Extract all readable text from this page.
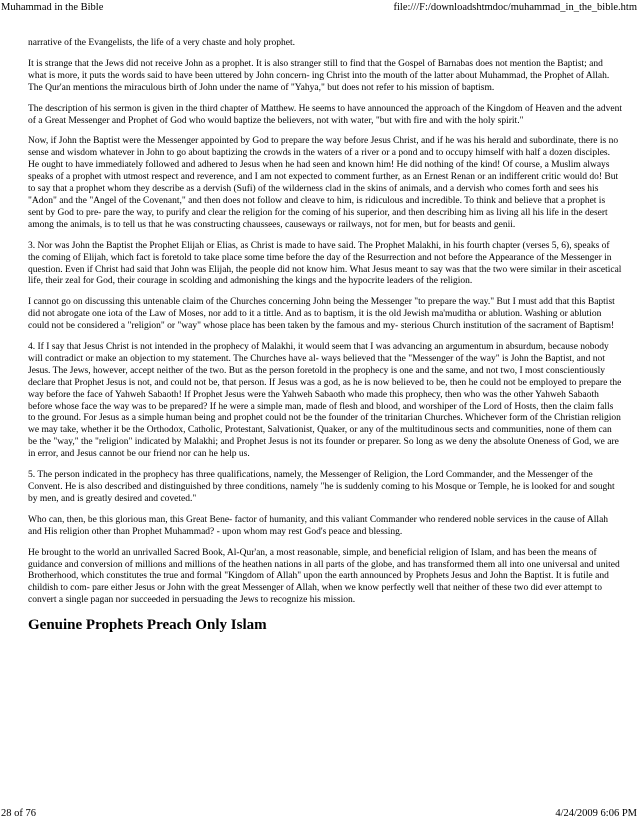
Muhammad in the Bible	file:///F:/downloadshtmdoc/muhammad_in_the_bible.htm

narrative of the Evangelists, the life of a very chaste and holy prophet.

It is strange that the Jews did not receive John as a prophet. It is also stranger still to find that the Gospel of Barnabas does not mention the Baptist; and what is more, it puts the words said to have been uttered by John concern- ing Christ into the mouth of the latter about Muhammad, the Prophet of Allah. The Qur'an mentions the miraculous birth of John under the name of "Yahya," but does not refer to his mission of baptism.

The description of his sermon is given in the third chapter of Matthew. He seems to have announced the approach of the Kingdom of Heaven and the advent of a Great Messenger and Prophet of God who would baptize the believers, not with water, "but with fire and with the holy spirit."

Now, if John the Baptist were the Messenger appointed by God to prepare the way before Jesus Christ, and if he was his herald and subordinate, there is no sense and wisdom whatever in John to go about baptizing the crowds in the waters of a river or a pond and to occupy himself with half a dozen disciples. He ought to have immediately followed and adhered to Jesus when he had seen and known him! He did nothing of the kind! Of course, a Muslim always speaks of a prophet with utmost respect and reverence, and I am not expected to comment further, as an Ernest Renan or an indifferent critic would do! But to say that a prophet whom they describe as a dervish (Sufi) of the wilderness clad in the skins of animals, and a dervish who comes forth and sees his "Adon" and the "Angel of the Covenant," and then does not follow and cleave to him, is ridiculous and incredible. To think and believe that a prophet is sent by God to pre- pare the way, to purify and clear the religion for the coming of his superior, and then describing him as living all his life in the desert among the animals, is to tell us that he was constructing chaussees, causeways or railways, not for men, but for beasts and genii.

3. Nor was John the Baptist the Prophet Elijah or Elias, as Christ is made to have said. The Prophet Malakhi, in his fourth chapter (verses 5, 6), speaks of the coming of Elijah, which fact is foretold to take place some time before the day of the Resurrection and not before the Appearance of the Messenger in question. Even if Christ had said that John was Elijah, the people did not know him. What Jesus meant to say was that the two were similar in their ascetical life, their zeal for God, their courage in scolding and admonishing the kings and the hypocrite leaders of the religion.

I cannot go on discussing this untenable claim of the Churches concerning John being the Messenger "to prepare the way." But I must add that this Baptist did not abrogate one iota of the Law of Moses, nor add to it a tittle. And as to baptism, it is the old Jewish ma'muditha or ablution. Washing or ablution could not be considered a "religion" or "way" whose place has been taken by the famous and my- sterious Church institution of the sacrament of Baptism!

4. If I say that Jesus Christ is not intended in the prophecy of Malakhi, it would seem that I was advancing an argumentum in absurdum, because nobody will contradict or make an objection to my statement. The Churches have al- ways believed that the "Messenger of the way" is John the Baptist, and not Jesus. The Jews, however, accept neither of the two. But as the person foretold in the prophecy is one and the same, and not two, I most conscientiously declare that Prophet Jesus is not, and could not be, that person. If Jesus was a god, as he is now believed to be, then he could not be employed to prepare the way before the face of Yahweh Sabaoth! If Prophet Jesus were the Yahweh Sabaoth who made this prophecy, then who was the other Yahweh Sabaoth before whose face the way was to be prepared? If he were a simple man, made of flesh and blood, and worshiper of the Lord of Hosts, then the claim falls to the ground. For Jesus as a simple human being and prophet could not be the founder of the trinitarian Churches. Whichever form of the Christian religion we may take, whether it be the Orthodox, Catholic, Protestant, Salvationist, Quaker, or any of the multitudinous sects and communities, none of them can be the "way," the "religion" indicated by Malakhi; and Prophet Jesus is not its founder or preparer. So long as we deny the absolute Oneness of God, we are in error, and Jesus cannot be our friend nor can he help us.

5. The person indicated in the prophecy has three qualifications, namely, the Messenger of Religion, the Lord Commander, and the Messenger of the Convent. He is also described and distinguished by three conditions, namely "he is suddenly coming to his Mosque or Temple, he is looked for and sought by men, and is greatly desired and coveted."

Who can, then, be this glorious man, this Great Bene- factor of humanity, and this valiant Commander who rendered noble services in the cause of Allah and His religion other than Prophet Muhammad? - upon whom may rest God's peace and blessing.

He brought to the world an unrivalled Sacred Book, Al-Qur'an, a most reasonable, simple, and beneficial religion of Islam, and has been the means of guidance and conversion of millions and millions of the heathen nations in all parts of the globe, and has transformed them all into one universal and united Brotherhood, which constitutes the true and formal "Kingdom of Allah" upon the earth announced by Prophets Jesus and John the Baptist. It is futile and childish to com- pare either Jesus or John with the great Messenger of Allah, when we know perfectly well that neither of these two did ever attempt to convert a single pagan nor succeeded in persuading the Jews to recognize his mission.

Genuine Prophets Preach Only Islam
28 of 76	4/24/2009 6:06 PM
